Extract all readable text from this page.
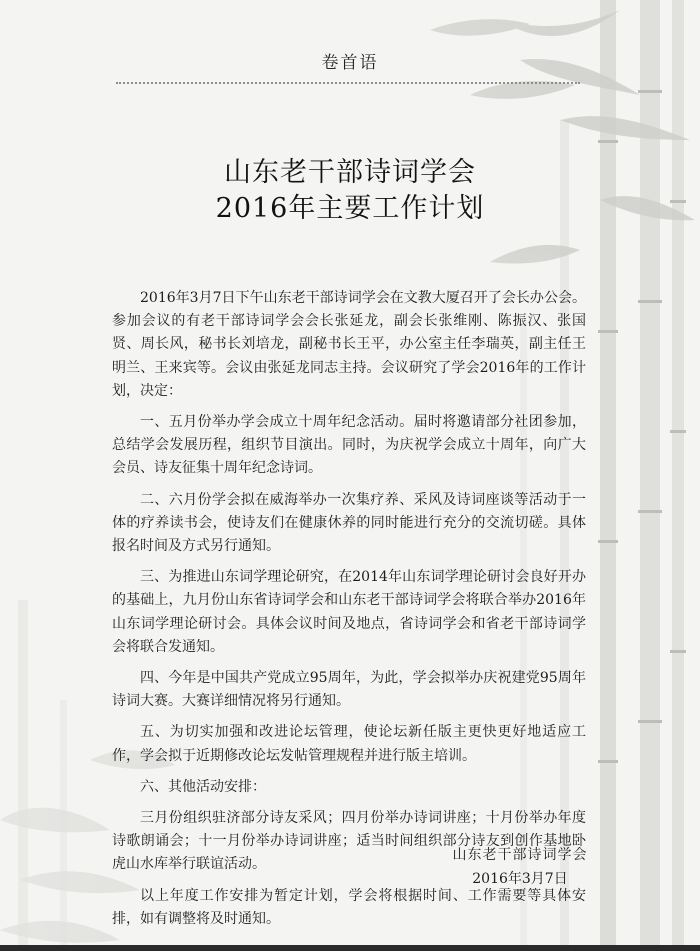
卷首语
山东老干部诗词学会
2016年主要工作计划

2016年3月7日下午山东老干部诗词学会在文教大厦召开了会长办公会。参加会议的有老干部诗词学会会长张延龙，副会长张维刚、陈振汉、张国贤、周长风，秘书长刘培龙，副秘书长王平，办公室主任李瑞英，副主任王明兰、王来宾等。会议由张延龙同志主持。会议研究了学会2016年的工作计划，决定：

一、五月份举办学会成立十周年纪念活动。届时将邀请部分社团参加，总结学会发展历程，组织节目演出。同时，为庆祝学会成立十周年，向广大会员、诗友征集十周年纪念诗词。

二、六月份学会拟在威海举办一次集疗养、采风及诗词座谈等活动于一体的疗养读书会，使诗友们在健康休养的同时能进行充分的交流切磋。具体报名时间及方式另行通知。

三、为推进山东词学理论研究，在2014年山东词学理论研讨会良好开办的基础上，九月份山东省诗词学会和山东老干部诗词学会将联合举办2016年山东词学理论研讨会。具体会议时间及地点，省诗词学会和省老干部诗词学会将联合发通知。

四、今年是中国共产党成立95周年，为此，学会拟举办庆祝建党95周年诗词大赛。大赛详细情况将另行通知。

五、为切实加强和改进论坛管理，使论坛新任版主更快更好地适应工作，学会拟于近期修改论坛发帖管理规程并进行版主培训。

六、其他活动安排：

三月份组织驻济部分诗友采风；四月份举办诗词讲座；十月份举办年度诗歌朗诵会；十一月份举办诗词讲座；适当时间组织部分诗友到创作基地卧虎山水库举行联谊活动。

以上年度工作安排为暂定计划，学会将根据时间、工作需要等具体安排，如有调整将及时通知。

山东老干部诗词学会
2016年3月7日
